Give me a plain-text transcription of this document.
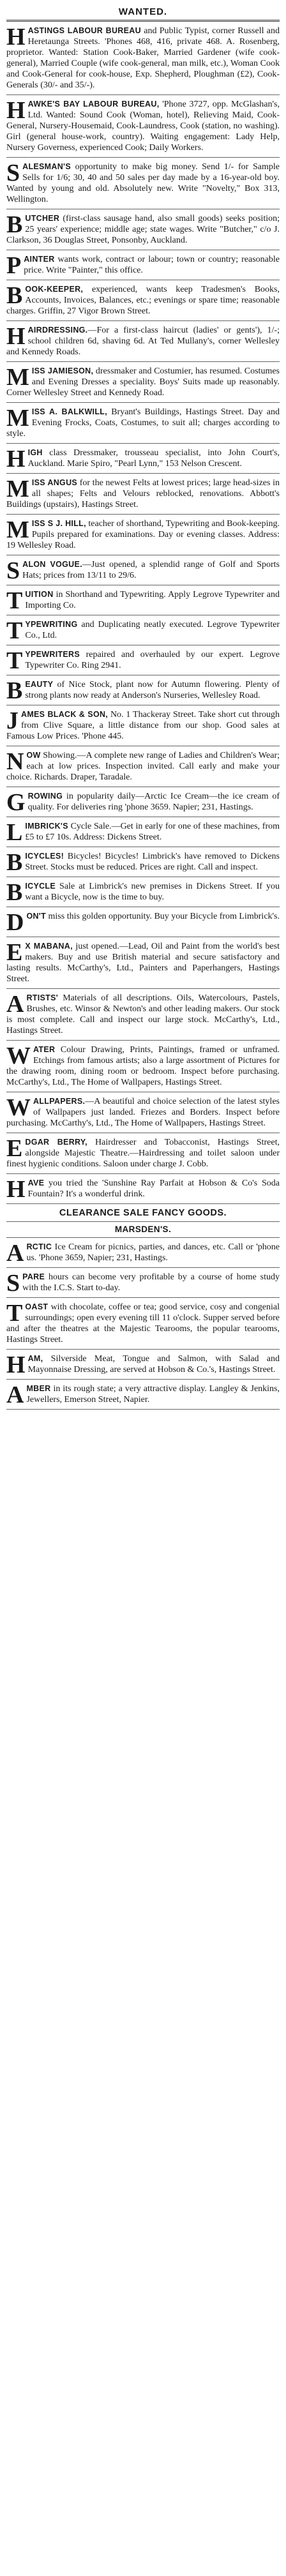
WANTED.
HASTINGS LABOUR BUREAU and Public Typist, corner Russell and Heretaunga Streets. 'Phones 468, 416, private 468. A. Rosenberg, proprietor. Wanted: Station Cook-Baker, Married Gardener (wife cook-general), Married Couple (wife cook-general, man milk, etc.), Woman Cook and Cook-General for cook-house, Exp. Shepherd, Ploughman (£2), Cook-Generals (30/- and 35/-).
HAWKE'S BAY LABOUR BUREAU, 'Phone 3727, opp. McGlashan's, Ltd. Wanted: Sound Cook (Woman, hotel), Relieving Maid, Cook-General, Nursery-Housemaid, Cook-Laundress, Cook (station, no washing). Girl (general house-work, country). Waiting engagement: Lady Help, Nursery Governess, experienced Cook; Daily Workers.
SALESMAN'S opportunity to make big money. Send 1/- for Sample Sells for 1/6; 30, 40 and 50 sales per day made by a 16-year-old boy. Wanted by young and old. Absolutely new. Write "Novelty," Box 313, Wellington.
BUTCHER (first-class sausage hand, also small goods) seeks position; 25 years' experience; middle age; state wages. Write "Butcher," c/o J. Clarkson, 36 Douglas Street, Ponsonby, Auckland.
PAINTER wants work, contract or labour; town or country; reasonable price. Write "Painter," this office.
BOOK-KEEPER, experienced, wants keep Tradesmen's Books, Accounts, Invoices, Balances, etc.; evenings or spare time; reasonable charges. Griffin, 27 Vigor Brown Street.
HAIRDRESSING.—For a first-class haircut (ladies' or gents'), 1/-; school children 6d, shaving 6d. At Ted Mullany's, corner Wellesley and Kennedy Roads.
MISS JAMIESON, dressmaker and Costumier, has resumed. Costumes and Evening Dresses a speciality. Boys' Suits made up reasonably. Corner Wellesley Street and Kennedy Road.
MISS A. BALKWILL, Bryant's Buildings, Hastings Street. Day and Evening Frocks, Coats, Costumes, to suit all; charges according to style.
HIGH class Dressmaker, trousseau specialist, into John Court's, Auckland. Marie Spiro, "Pearl Lynn," 153 Nelson Crescent.
MISS ANGUS for the newest Felts at lowest prices; large head-sizes in all shapes; Felts and Velours reblocked, renovations. Abbott's Buildings (upstairs), Hastings Street.
MISS S J. HILL, teacher of shorthand, Typewriting and Book-keeping. Pupils prepared for examinations. Day or evening classes. Address: 19 Wellesley Road.
SALON VOGUE.—Just opened, a splendid range of Golf and Sports Hats; prices from 13/11 to 29/6.
TUITION in Shorthand and Typewriting. Apply Legrove Typewriter and Importing Co.
TYPEWRITING and Duplicating neatly executed. Legrove Typewriter Co., Ltd.
TYPEWRITERS repaired and overhauled by our expert. Legrove Typewriter Co. Ring 2941.
BEAUTY of Nice Stock, plant now for Autumn flowering. Plenty of strong plants now ready at Anderson's Nurseries, Wellesley Road.
JAMES BLACK & SON, No. 1 Thackeray Street. Take short cut through from Clive Square, a little distance from our shop. Good sales at Famous Low Prices. 'Phone 445.
NOW Showing.—A complete new range of Ladies and Children's Wear; each at low prices. Inspection invited. Call early and make your choice. Richards. Draper, Taradale.
GROWING in popularity daily—Arctic Ice Cream—the ice cream of quality. For deliveries ring 'phone 3659. Napier; 231, Hastings.
LIMBRICK'S Cycle Sale.—Get in early for one of these machines, from £5 to £7 10s. Address: Dickens Street.
BICYCLES! Bicycles! Bicycles! Limbrick's have removed to Dickens Street. Stocks must be reduced. Prices are right. Call and inspect.
BICYCLE Sale at Limbrick's new premises in Dickens Street. If you want a Bicycle, now is the time to buy.
DON'T miss this golden opportunity. Buy your Bicycle from Limbrick's.
E X MABANA, just opened.—Lead, Oil and Paint from the world's best makers. Buy and use British material and secure satisfactory and lasting results. McCarthy's, Ltd., Painters and Paperhangers, Hastings Street.
ARTISTS' Materials of all descriptions. Oils, Watercolours, Pastels, Brushes, etc. Winsor & Newton's and other leading makers. Our stock is most complete. Call and inspect our large stock. McCarthy's, Ltd., Hastings Street.
WATER Colour Drawing, Prints, Paintings, framed or unframed. Etchings from famous artists; also a large assortment of Pictures for the drawing room, dining room or bedroom. Inspect before purchasing. McCarthy's, Ltd., The Home of Wallpapers, Hastings Street.
WALLPAPERS.—A beautiful and choice selection of the latest styles of Wallpapers just landed. Friezes and Borders. Inspect before purchasing. McCarthy's, Ltd., The Home of Wallpapers, Hastings Street.
EDGAR BERRY, Hairdresser and Tobacconist, Hastings Street, alongside Majestic Theatre.—Hairdressing and toilet saloon under finest hygienic conditions. Saloon under charge J. Cobb.
HAVE you tried the 'Sunshine Ray Parfait at Hobson & Co's Soda Fountain? It's a wonderful drink.
CLEARANCE SALE FANCY GOODS.
MARSDEN'S.
ARCTIC Ice Cream for picnics, parties, and dances, etc. Call or 'phone us. 'Phone 3659, Napier; 231, Hastings.
SPARE hours can become very profitable by a course of home study with the I.C.S. Start to-day.
TOAST with chocolate, coffee or tea; good service, cosy and congenial surroundings; open every evening till 11 o'clock. Supper served before and after the theatres at the Majestic Tearooms, the popular tearooms, Hastings Street.
HAM, Silverside Meat, Tongue and Salmon, with Salad and Mayonnaise Dressing, are served at Hobson & Co.'s, Hastings Street.
AMBER in its rough state; a very attractive display. Langley & Jenkins, Jewellers, Emerson Street, Napier.
